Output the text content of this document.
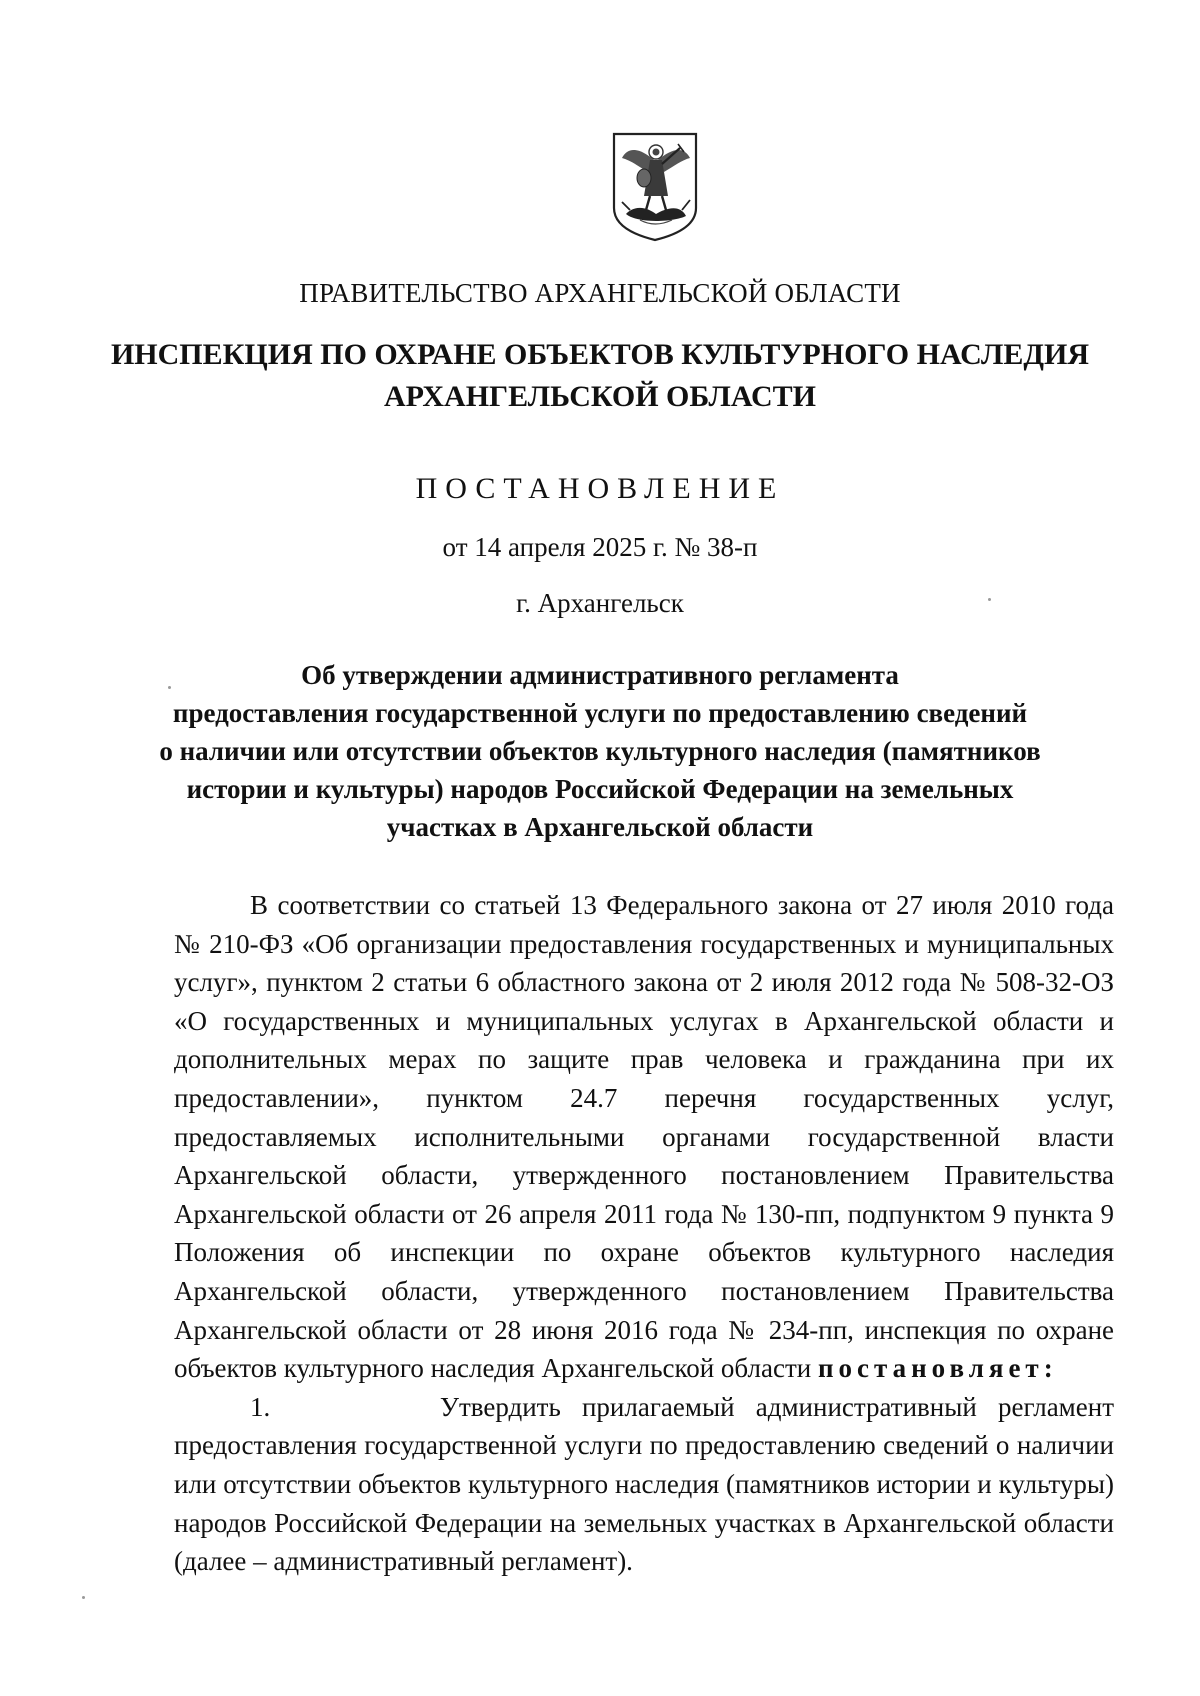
ПРАВИТЕЛЬСТВО АРХАНГЕЛЬСКОЙ ОБЛАСТИ
ИНСПЕКЦИЯ ПО ОХРАНЕ ОБЪЕКТОВ КУЛЬТУРНОГО НАСЛЕДИЯ
АРХАНГЕЛЬСКОЙ ОБЛАСТИ
ПОСТАНОВЛЕНИЕ
от 14 апреля 2025 г. № 38-п
г. Архангельск
Об утверждении административного регламента
предоставления государственной услуги по предоставлению сведений
о наличии или отсутствии объектов культурного наследия (памятников
истории и культуры) народов Российской Федерации на земельных
участках в Архангельской области

В соответствии со статьей 13 Федерального закона от 27 июля 2010 года № 210-ФЗ «Об организации предоставления государственных и муниципальных услуг», пунктом 2 статьи 6 областного закона от 2 июля 2012 года № 508-32-ОЗ «О государственных и муниципальных услугах в Архангельской области и дополнительных мерах по защите прав человека и гражданина при их предоставлении», пунктом 24.7 перечня государственных услуг, предоставляемых исполнительными органами государственной власти Архангельской области, утвержденного постановлением Правительства Архангельской области от 26 апреля 2011 года № 130-пп, подпунктом 9 пункта 9 Положения об инспекции по охране объектов культурного наследия Архангельской области, утвержденного постановлением Правительства Архангельской области от 28 июня 2016 года № 234-пп, инспекция по охране объектов культурного наследия Архангельской области постановляет:

1.	Утвердить прилагаемый административный регламент предоставления государственной услуги по предоставлению сведений о наличии или отсутствии объектов культурного наследия (памятников истории и культуры) народов Российской Федерации на земельных участках в Архангельской области (далее – административный регламент).
